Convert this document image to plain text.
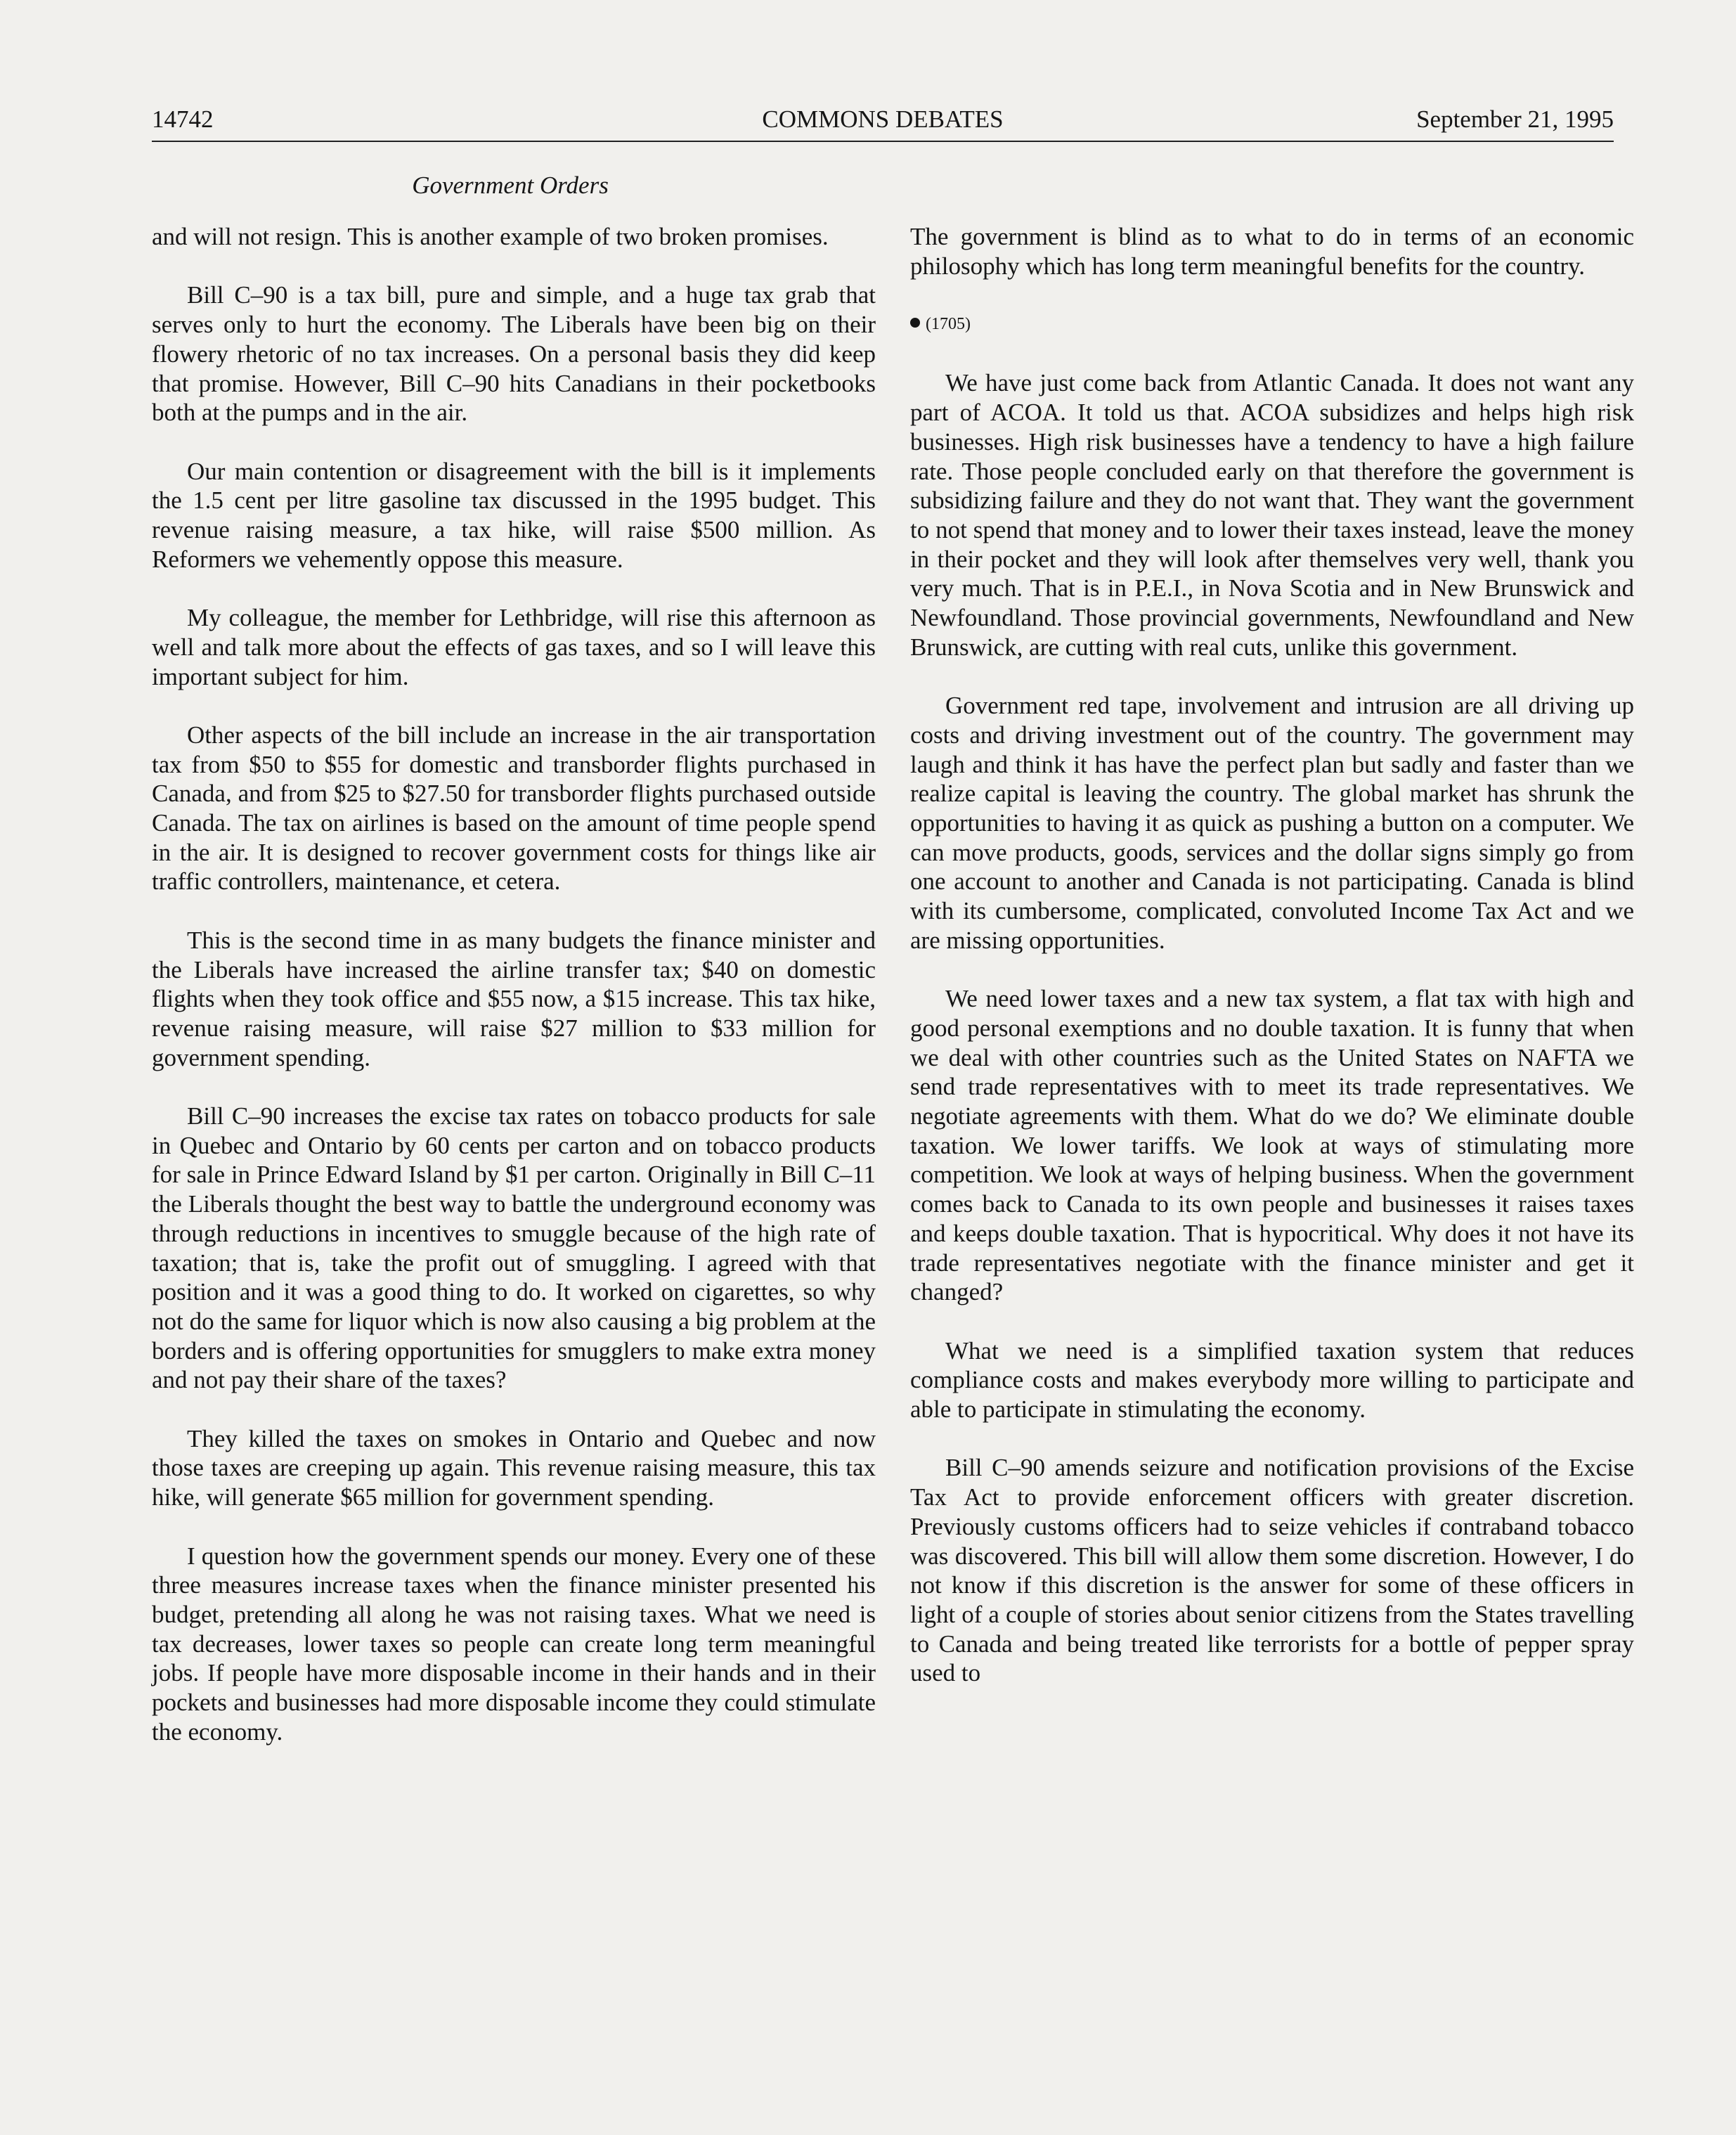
14742	COMMONS DEBATES	September 21, 1995
Government Orders

and will not resign. This is another example of two broken promises.

Bill C–90 is a tax bill, pure and simple, and a huge tax grab that serves only to hurt the economy. The Liberals have been big on their flowery rhetoric of no tax increases. On a personal basis they did keep that promise. However, Bill C–90 hits Canadians in their pocketbooks both at the pumps and in the air.

Our main contention or disagreement with the bill is it implements the 1.5 cent per litre gasoline tax discussed in the 1995 budget. This revenue raising measure, a tax hike, will raise $500 million. As Reformers we vehemently oppose this measure.

My colleague, the member for Lethbridge, will rise this afternoon as well and talk more about the effects of gas taxes, and so I will leave this important subject for him.

Other aspects of the bill include an increase in the air transportation tax from $50 to $55 for domestic and transborder flights purchased in Canada, and from $25 to $27.50 for transborder flights purchased outside Canada. The tax on airlines is based on the amount of time people spend in the air. It is designed to recover government costs for things like air traffic controllers, maintenance, et cetera.

This is the second time in as many budgets the finance minister and the Liberals have increased the airline transfer tax; $40 on domestic flights when they took office and $55 now, a $15 increase. This tax hike, revenue raising measure, will raise $27 million to $33 million for government spending.

Bill C–90 increases the excise tax rates on tobacco products for sale in Quebec and Ontario by 60 cents per carton and on tobacco products for sale in Prince Edward Island by $1 per carton. Originally in Bill C–11 the Liberals thought the best way to battle the underground economy was through reductions in incentives to smuggle because of the high rate of taxation; that is, take the profit out of smuggling. I agreed with that position and it was a good thing to do. It worked on cigarettes, so why not do the same for liquor which is now also causing a big problem at the borders and is offering opportunities for smugglers to make extra money and not pay their share of the taxes?

They killed the taxes on smokes in Ontario and Quebec and now those taxes are creeping up again. This revenue raising measure, this tax hike, will generate $65 million for government spending.

I question how the government spends our money. Every one of these three measures increase taxes when the finance minister presented his budget, pretending all along he was not raising taxes. What we need is tax decreases, lower taxes so people can create long term meaningful jobs. If people have more disposable income in their hands and in their pockets and businesses had more disposable income they could stimulate the economy.

The government is blind as to what to do in terms of an economic philosophy which has long term meaningful benefits for the country.

(1705)

We have just come back from Atlantic Canada. It does not want any part of ACOA. It told us that. ACOA subsidizes and helps high risk businesses. High risk businesses have a tendency to have a high failure rate. Those people concluded early on that therefore the government is subsidizing failure and they do not want that. They want the government to not spend that money and to lower their taxes instead, leave the money in their pocket and they will look after themselves very well, thank you very much. That is in P.E.I., in Nova Scotia and in New Brunswick and Newfoundland. Those provincial governments, Newfoundland and New Brunswick, are cutting with real cuts, unlike this government.

Government red tape, involvement and intrusion are all driving up costs and driving investment out of the country. The government may laugh and think it has have the perfect plan but sadly and faster than we realize capital is leaving the country. The global market has shrunk the opportunities to having it as quick as pushing a button on a computer. We can move products, goods, services and the dollar signs simply go from one account to another and Canada is not participating. Canada is blind with its cumbersome, complicated, convoluted Income Tax Act and we are missing opportunities.

We need lower taxes and a new tax system, a flat tax with high and good personal exemptions and no double taxation. It is funny that when we deal with other countries such as the United States on NAFTA we send trade representatives with to meet its trade representatives. We negotiate agreements with them. What do we do? We eliminate double taxation. We lower tariffs. We look at ways of stimulating more competition. We look at ways of helping business. When the government comes back to Canada to its own people and businesses it raises taxes and keeps double taxation. That is hypocritical. Why does it not have its trade representatives negotiate with the finance minister and get it changed?

What we need is a simplified taxation system that reduces compliance costs and makes everybody more willing to participate and able to participate in stimulating the economy.

Bill C–90 amends seizure and notification provisions of the Excise Tax Act to provide enforcement officers with greater discretion. Previously customs officers had to seize vehicles if contraband tobacco was discovered. This bill will allow them some discretion. However, I do not know if this discretion is the answer for some of these officers in light of a couple of stories about senior citizens from the States travelling to Canada and being treated like terrorists for a bottle of pepper spray used to
